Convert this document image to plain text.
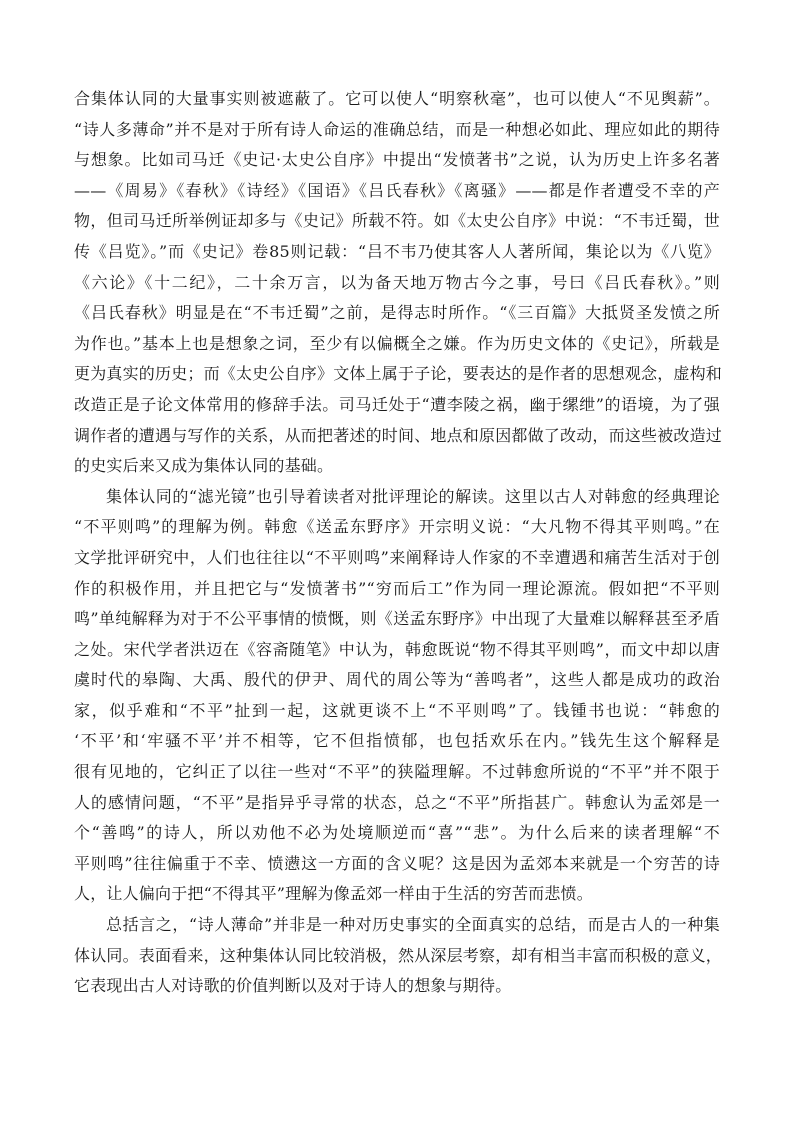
合集体认同的大量事实则被遮蔽了。它可以使人“明察秋毫”，也可以使人“不见舆薪”。
“诗人多薄命”并不是对于所有诗人命运的准确总结，而是一种想必如此、理应如此的期待
与想象。比如司马迁《史记·太史公自序》中提出“发愤著书”之说，认为历史上许多名著
——《周易》《春秋》《诗经》《国语》《吕氏春秋》《离骚》——都是作者遭受不幸的产
物，但司马迁所举例证却多与《史记》所载不符。如《太史公自序》中说：“不韦迁蜀，世
传《吕览》。”而《史记》卷85则记载：“吕不韦乃使其客人人著所闻，集论以为《八览》
《六论》《十二纪》，二十余万言，以为备天地万物古今之事，号曰《吕氏春秋》。”则
《吕氏春秋》明显是在“不韦迁蜀”之前，是得志时所作。“《三百篇》大抵贤圣发愤之所
为作也。”基本上也是想象之词，至少有以偏概全之嫌。作为历史文体的《史记》，所载是
更为真实的历史；而《太史公自序》文体上属于子论，要表达的是作者的思想观念，虚构和
改造正是子论文体常用的修辞手法。司马迁处于“遭李陵之祸，幽于缧绁”的语境，为了强
调作者的遭遇与写作的关系，从而把著述的时间、地点和原因都做了改动，而这些被改造过
的史实后来又成为集体认同的基础。
集体认同的“滤光镜”也引导着读者对批评理论的解读。这里以古人对韩愈的经典理论
“不平则鸣”的理解为例。韩愈《送孟东野序》开宗明义说：“大凡物不得其平则鸣。”在
文学批评研究中，人们也往往以“不平则鸣”来阐释诗人作家的不幸遭遇和痛苦生活对于创
作的积极作用，并且把它与“发愤著书”“穷而后工”作为同一理论源流。假如把“不平则
鸣”单纯解释为对于不公平事情的愤慨，则《送孟东野序》中出现了大量难以解释甚至矛盾
之处。宋代学者洪迈在《容斋随笔》中认为，韩愈既说“物不得其平则鸣”，而文中却以唐
虞时代的皋陶、大禹、殷代的伊尹、周代的周公等为“善鸣者”，这些人都是成功的政治
家，似乎难和“不平”扯到一起，这就更谈不上“不平则鸣”了。钱锺书也说：“韩愈的
‘不平’和‘牢骚不平’并不相等，它不但指愤郁，也包括欢乐在内。”钱先生这个解释是
很有见地的，它纠正了以往一些对“不平”的狭隘理解。不过韩愈所说的“不平”并不限于
人的感情问题，“不平”是指异乎寻常的状态，总之“不平”所指甚广。韩愈认为孟郊是一
个“善鸣”的诗人，所以劝他不必为处境顺逆而“喜”“悲”。为什么后来的读者理解“不
平则鸣”往往偏重于不幸、愤懑这一方面的含义呢？这是因为孟郊本来就是一个穷苦的诗
人，让人偏向于把“不得其平”理解为像孟郊一样由于生活的穷苦而悲愤。
总括言之，“诗人薄命”并非是一种对历史事实的全面真实的总结，而是古人的一种集
体认同。表面看来，这种集体认同比较消极，然从深层考察，却有相当丰富而积极的意义，
它表现出古人对诗歌的价值判断以及对于诗人的想象与期待。
